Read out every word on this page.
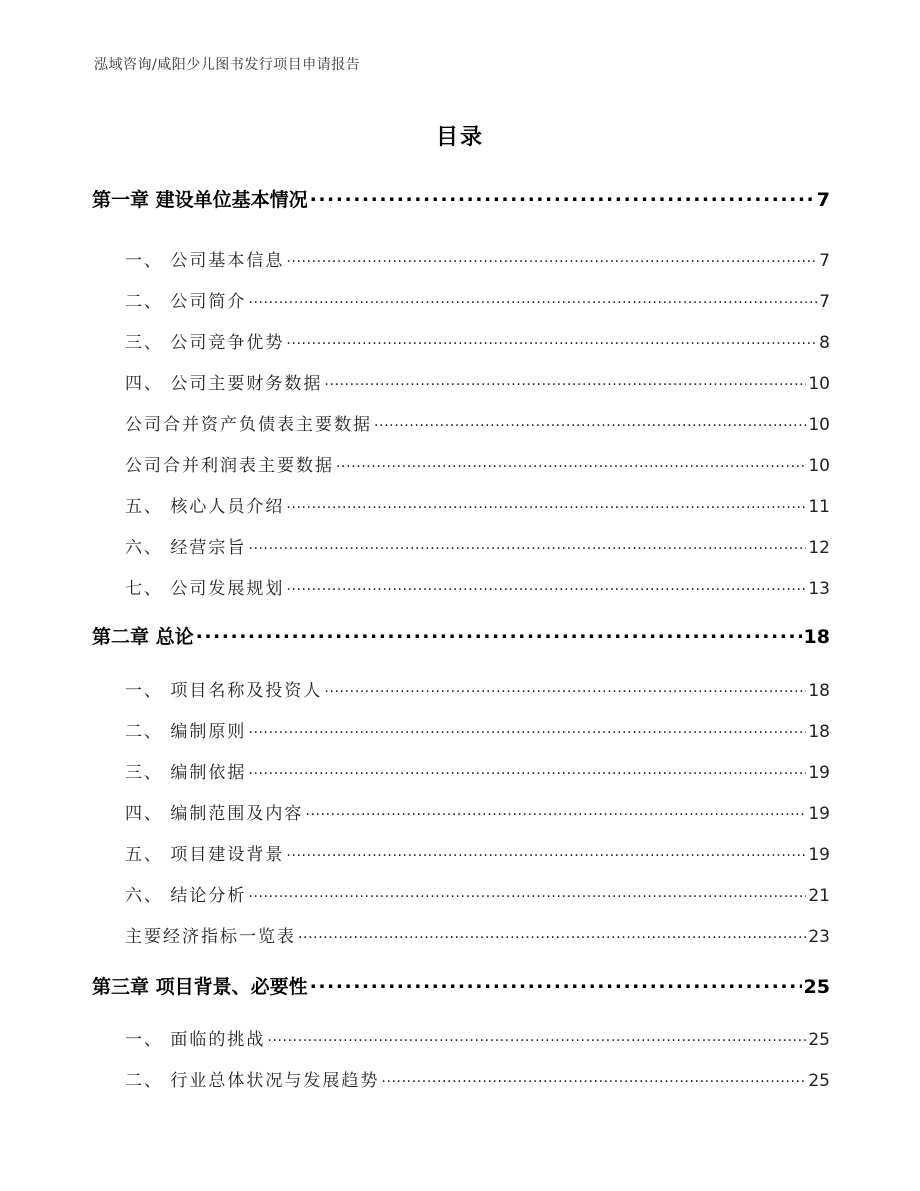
泓域咨询/咸阳少儿图书发行项目申请报告
目录
第一章 建设单位基本情况 .....	7
一、 公司基本信息 .....	7
二、 公司简介 .....	7
三、 公司竞争优势 .....	8
四、 公司主要财务数据 .....	10
公司合并资产负债表主要数据 .....	10
公司合并利润表主要数据 .....	10
五、 核心人员介绍 .....	11
六、 经营宗旨 .....	12
七、 公司发展规划 .....	13
第二章 总论 .....	18
一、 项目名称及投资人 .....	18
二、 编制原则 .....	18
三、 编制依据 .....	19
四、 编制范围及内容 .....	19
五、 项目建设背景 .....	19
六、 结论分析 .....	21
主要经济指标一览表 .....	23
第三章 项目背景、必要性 .....	25
一、 面临的挑战 .....	25
二、 行业总体状况与发展趋势 .....	25
